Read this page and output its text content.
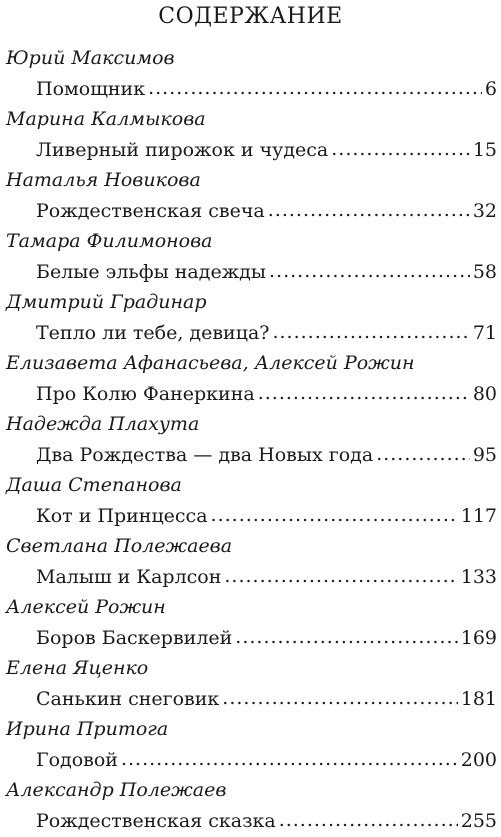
СОДЕРЖАНИЕ
Юрий Максимов
Помощник .....	6
Марина Калмыкова
Ливерный пирожок и чудеса .....	15
Наталья Новикова
Рождественская свеча .....	32
Тамара Филимонова
Белые эльфы надежды .....	58
Дмитрий Градинар
Тепло ли тебе, девица? .....	71
Елизавета Афанасьева, Алексей Рожин
Про Колю Фанеркина .....	80
Надежда Плахута
Два Рождества — два Новых года .....	95
Даша Степанова
Кот и Принцесса .....	117
Светлана Полежаева
Малыш и Карлсон .....	133
Алексей Рожин
Боров Баскервилей .....	169
Елена Яценко
Санькин снеговик .....	181
Ирина Притога
Годовой .....	200
Александр Полежаев
Рождественская сказка .....	255
